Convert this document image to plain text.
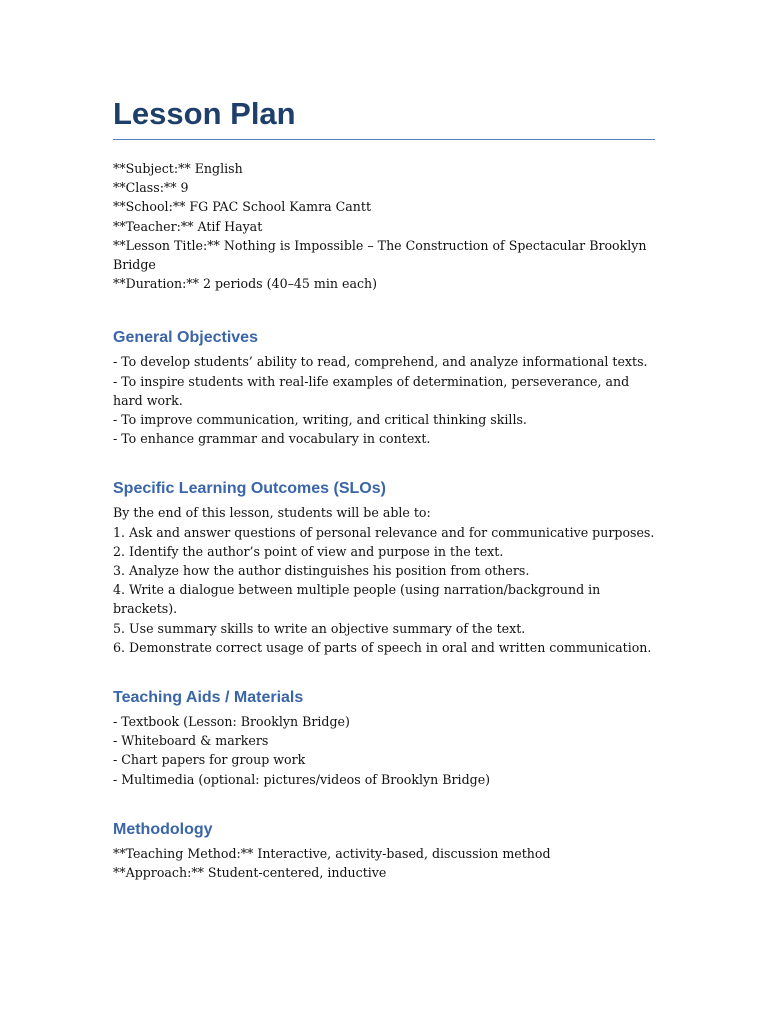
Lesson Plan
**Subject:** English
**Class:** 9
**School:** FG PAC School Kamra Cantt
**Teacher:** Atif Hayat
**Lesson Title:** Nothing is Impossible – The Construction of Spectacular Brooklyn Bridge
**Duration:** 2 periods (40–45 min each)
General Objectives
- To develop students’ ability to read, comprehend, and analyze informational texts.
- To inspire students with real-life examples of determination, perseverance, and hard work.
- To improve communication, writing, and critical thinking skills.
- To enhance grammar and vocabulary in context.
Specific Learning Outcomes (SLOs)
By the end of this lesson, students will be able to:
1. Ask and answer questions of personal relevance and for communicative purposes.
2. Identify the author’s point of view and purpose in the text.
3. Analyze how the author distinguishes his position from others.
4. Write a dialogue between multiple people (using narration/background in brackets).
5. Use summary skills to write an objective summary of the text.
6. Demonstrate correct usage of parts of speech in oral and written communication.
Teaching Aids / Materials
- Textbook (Lesson: Brooklyn Bridge)
- Whiteboard & markers
- Chart papers for group work
- Multimedia (optional: pictures/videos of Brooklyn Bridge)
Methodology
**Teaching Method:** Interactive, activity-based, discussion method
**Approach:** Student-centered, inductive
